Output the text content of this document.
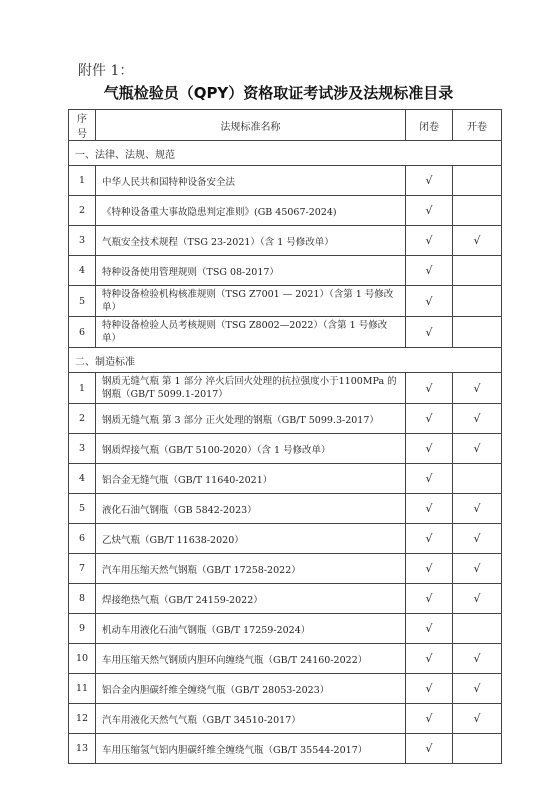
附件 1：
气瓶检验员（QPY）资格取证考试涉及法规标准目录
序号	法规标准名称	闭卷	开卷
一、法律、法规、规范			
1	中华人民共和国特种设备安全法	√	
2	《特种设备重大事故隐患判定准则》(GB 45067-2024)	√	
3	气瓶安全技术规程（TSG 23-2021）（含 1 号修改单）	√	√
4	特种设备使用管理规则（TSG 08-2017）	√	
5	特种设备检验机构核准规则（TSG Z7001 — 2021）（含第 1 号修改单）	√	
6	特种设备检验人员考核规则（TSG Z8002—2022）（含第 1 号修改单）	√	
二、制造标准			
1	钢质无缝气瓶 第 1 部分 淬火后回火处理的抗拉强度小于1100MPa 的钢瓶（GB/T 5099.1-2017）	√	√
2	钢质无缝气瓶 第 3 部分 正火处理的钢瓶（GB/T 5099.3-2017）	√	√
3	钢质焊接气瓶（GB/T 5100-2020）（含 1 号修改单）	√	√
4	铝合金无缝气瓶（GB/T 11640-2021）	√	
5	液化石油气钢瓶（GB 5842-2023）	√	√
6	乙炔气瓶（GB/T 11638-2020）	√	√
7	汽车用压缩天然气钢瓶（GB/T 17258-2022）	√	√
8	焊接绝热气瓶（GB/T 24159-2022）	√	√
9	机动车用液化石油气钢瓶（GB/T 17259-2024）	√	
10	车用压缩天然气钢质内胆环向缠绕气瓶（GB/T 24160-2022）	√	√
11	铝合金内胆碳纤维全缠绕气瓶（GB/T 28053-2023）	√	√
12	汽车用液化天然气气瓶（GB/T 34510-2017）	√	√
13	车用压缩氢气铝内胆碳纤维全缠绕气瓶（GB/T 35544-2017）	√	
